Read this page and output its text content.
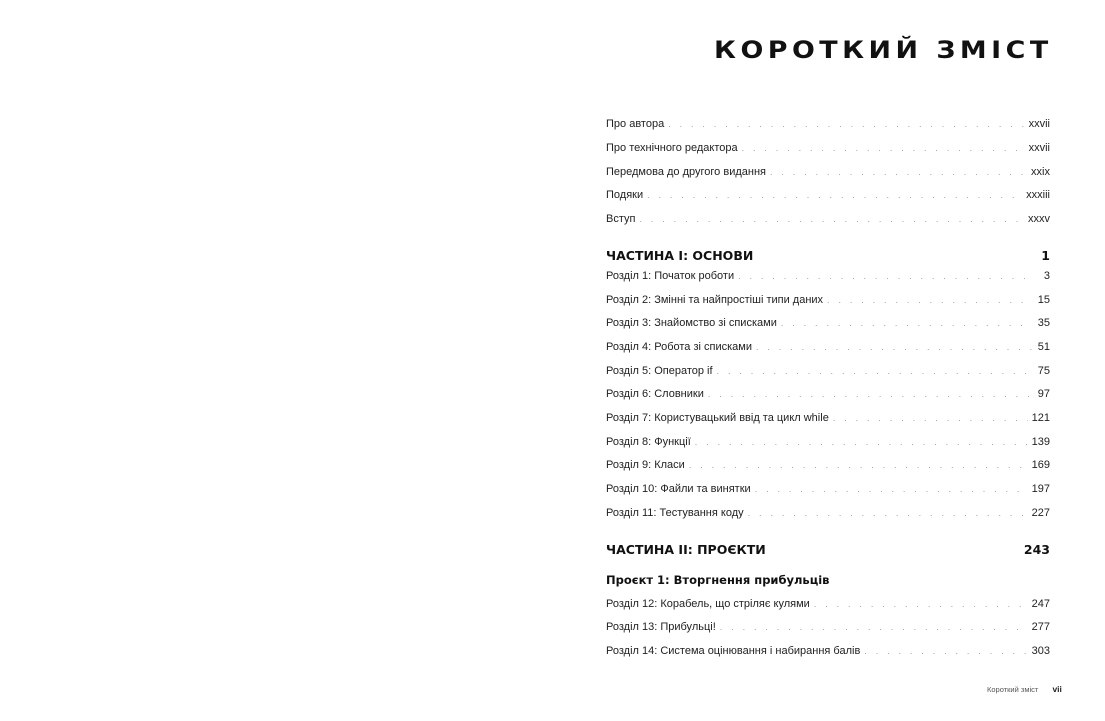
КОРОТКИЙ ЗМІСТ
Про автора . . .	xxvii
Про технічного редактора . . .	xxvii
Передмова до другого видання . . .	xxix
Подяки . . .	xxxiii
Вступ . . .	xxxv
ЧАСТИНА I: ОСНОВИ	1
Розділ 1: Початок роботи . . .	3
Розділ 2: Змінні та найпростіші типи даних . . .	15
Розділ 3: Знайомство зі списками . . .	35
Розділ 4: Робота зі списками . . .	51
Розділ 5: Оператор if . . .	75
Розділ 6: Словники . . .	97
Розділ 7: Користувацький ввід та цикл while . . .	121
Розділ 8: Функції . . .	139
Розділ 9: Класи . . .	169
Розділ 10: Файли та винятки . . .	197
Розділ 11: Тестування коду . . .	227
ЧАСТИНА II: ПРОЄКТИ	243
Проєкт 1: Вторгнення прибульців
Розділ 12: Корабель, що стріляє кулями . . .	247
Розділ 13: Прибульці! . . .	277
Розділ 14: Система оцінювання і набирання балів . . .	303
Короткий зміст vii
